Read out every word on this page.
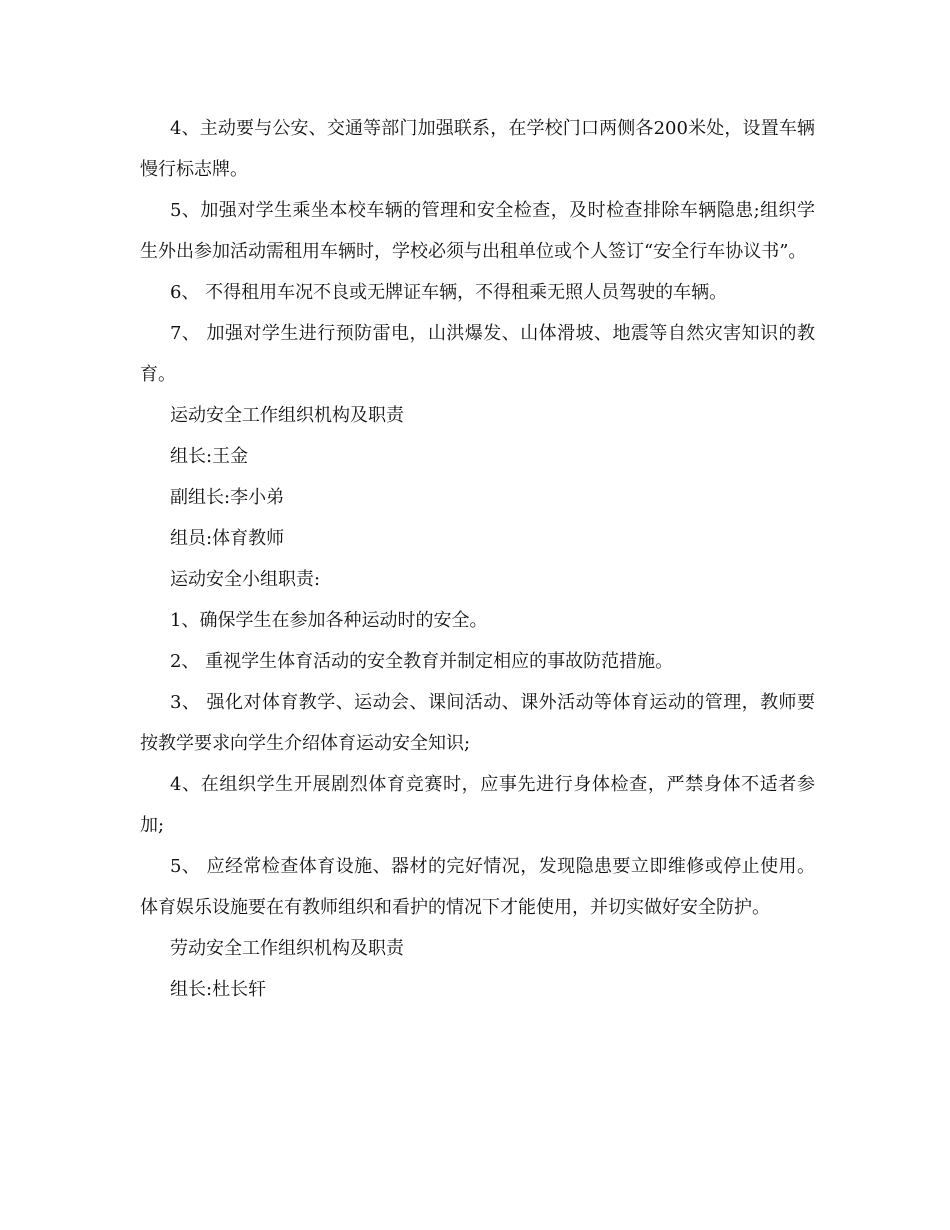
4、主动要与公安、交通等部门加强联系，在学校门口两侧各200米处，设置车辆慢行标志牌。

5、加强对学生乘坐本校车辆的管理和安全检查，及时检查排除车辆隐患;组织学生外出参加活动需租用车辆时，学校必须与出租单位或个人签订“安全行车协议书”。

6、 不得租用车况不良或无牌证车辆，不得租乘无照人员驾驶的车辆。

7、 加强对学生进行预防雷电，山洪爆发、山体滑坡、地震等自然灾害知识的教育。

运动安全工作组织机构及职责

组长:王金

副组长:李小弟

组员:体育教师

运动安全小组职责:

1、确保学生在参加各种运动时的安全。

2、 重视学生体育活动的安全教育并制定相应的事故防范措施。

3、 强化对体育教学、运动会、课间活动、课外活动等体育运动的管理，教师要按教学要求向学生介绍体育运动安全知识;

4、在组织学生开展剧烈体育竞赛时，应事先进行身体检查，严禁身体不适者参加;

5、 应经常检查体育设施、器材的完好情况，发现隐患要立即维修或停止使用。体育娱乐设施要在有教师组织和看护的情况下才能使用，并切实做好安全防护。

劳动安全工作组织机构及职责

组长:杜长轩
